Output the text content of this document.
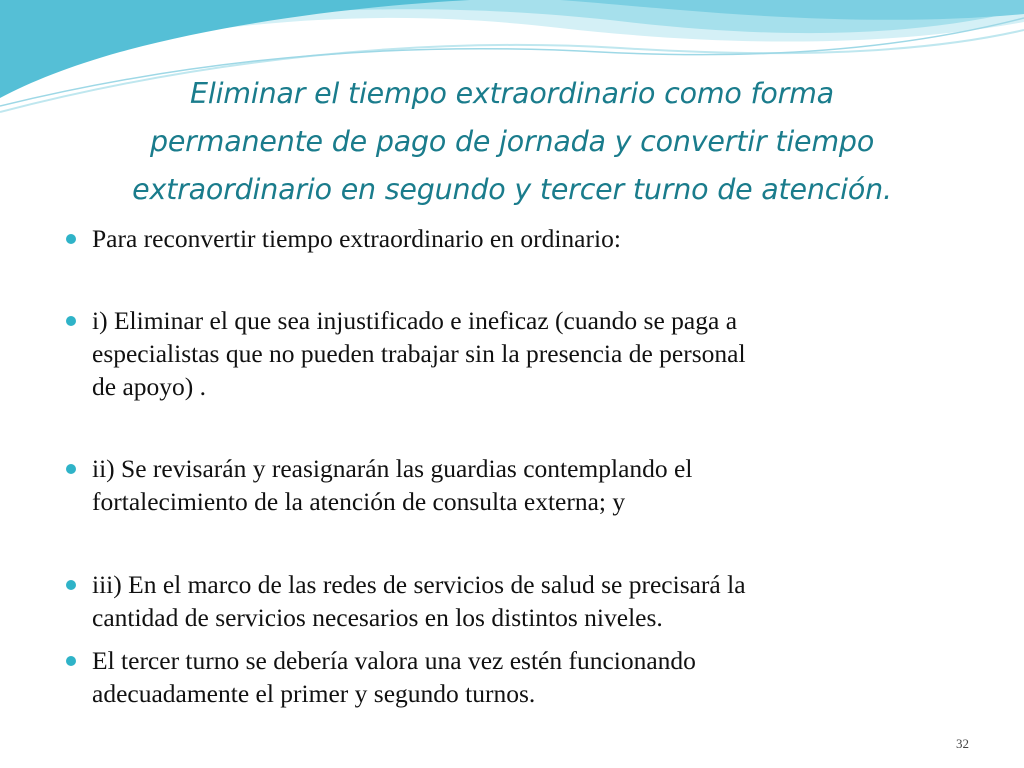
Eliminar el tiempo extraordinario como forma
permanente de pago de jornada y convertir tiempo
extraordinario en segundo y tercer turno de atención.
Para reconvertir tiempo extraordinario en ordinario:
i) Eliminar el que sea injustificado e ineficaz (cuando se paga a
especialistas que no pueden trabajar sin la presencia de personal
de apoyo) .
ii) Se revisarán y reasignarán las guardias contemplando el
fortalecimiento de la atención de consulta externa; y
iii) En el marco de las redes de servicios de salud se precisará la
cantidad de servicios necesarios en los distintos niveles.
El tercer turno se debería valora una vez estén funcionando
adecuadamente el primer y segundo turnos.
32
